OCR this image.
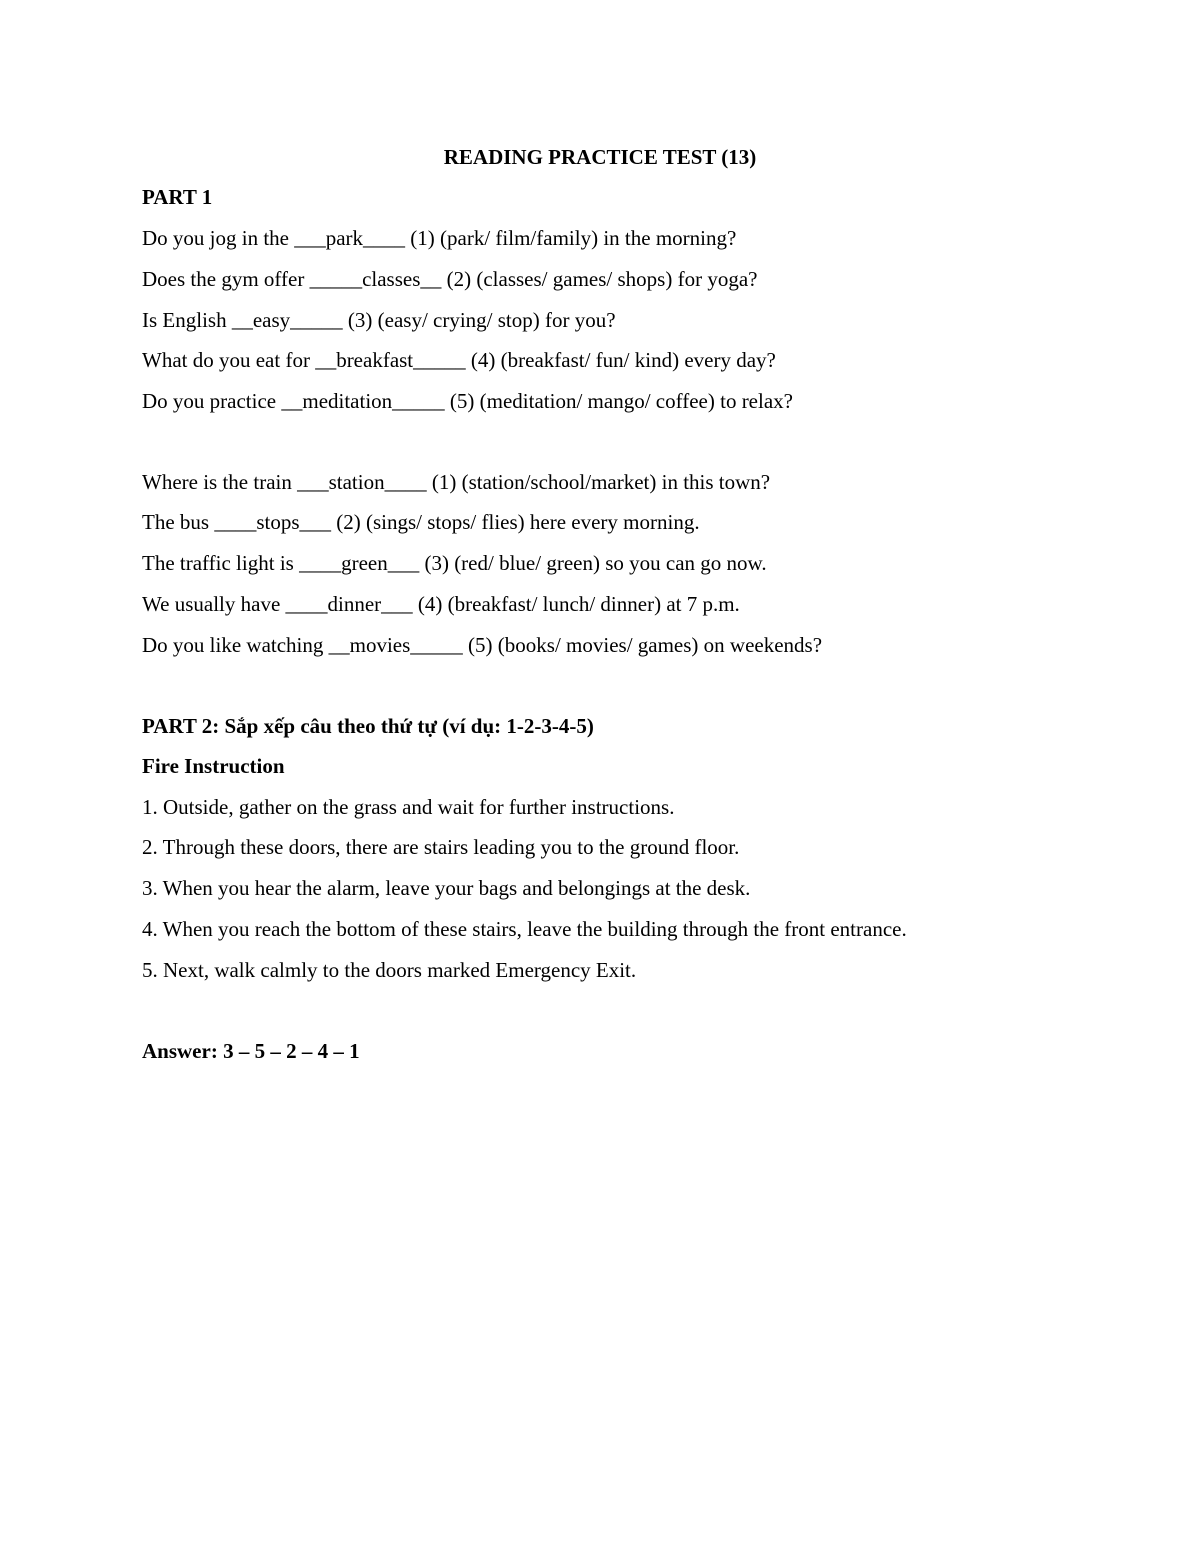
READING PRACTICE TEST (13)
PART 1
Do you jog in the ___park____ (1) (park/ film/family) in the morning?
Does the gym offer _____classes__ (2) (classes/ games/ shops) for yoga?
Is English __easy_____ (3) (easy/ crying/ stop) for you?
What do you eat for __breakfast_____ (4) (breakfast/ fun/ kind) every day?
Do you practice __meditation_____ (5) (meditation/ mango/ coffee) to relax?
Where is the train ___station____ (1) (station/school/market) in this town?
The bus ____stops___ (2) (sings/ stops/ flies) here every morning.
The traffic light is ____green___ (3) (red/ blue/ green) so you can go now.
We usually have ____dinner___ (4) (breakfast/ lunch/ dinner) at 7 p.m.
Do you like watching __movies_____ (5) (books/ movies/ games) on weekends?
PART 2: Sắp xếp câu theo thứ tự (ví dụ: 1-2-3-4-5)
Fire Instruction
1. Outside, gather on the grass and wait for further instructions.
2. Through these doors, there are stairs leading you to the ground floor.
3. When you hear the alarm, leave your bags and belongings at the desk.
4. When you reach the bottom of these stairs, leave the building through the front entrance.
5. Next, walk calmly to the doors marked Emergency Exit.
Answer: 3 – 5 – 2 – 4 – 1
